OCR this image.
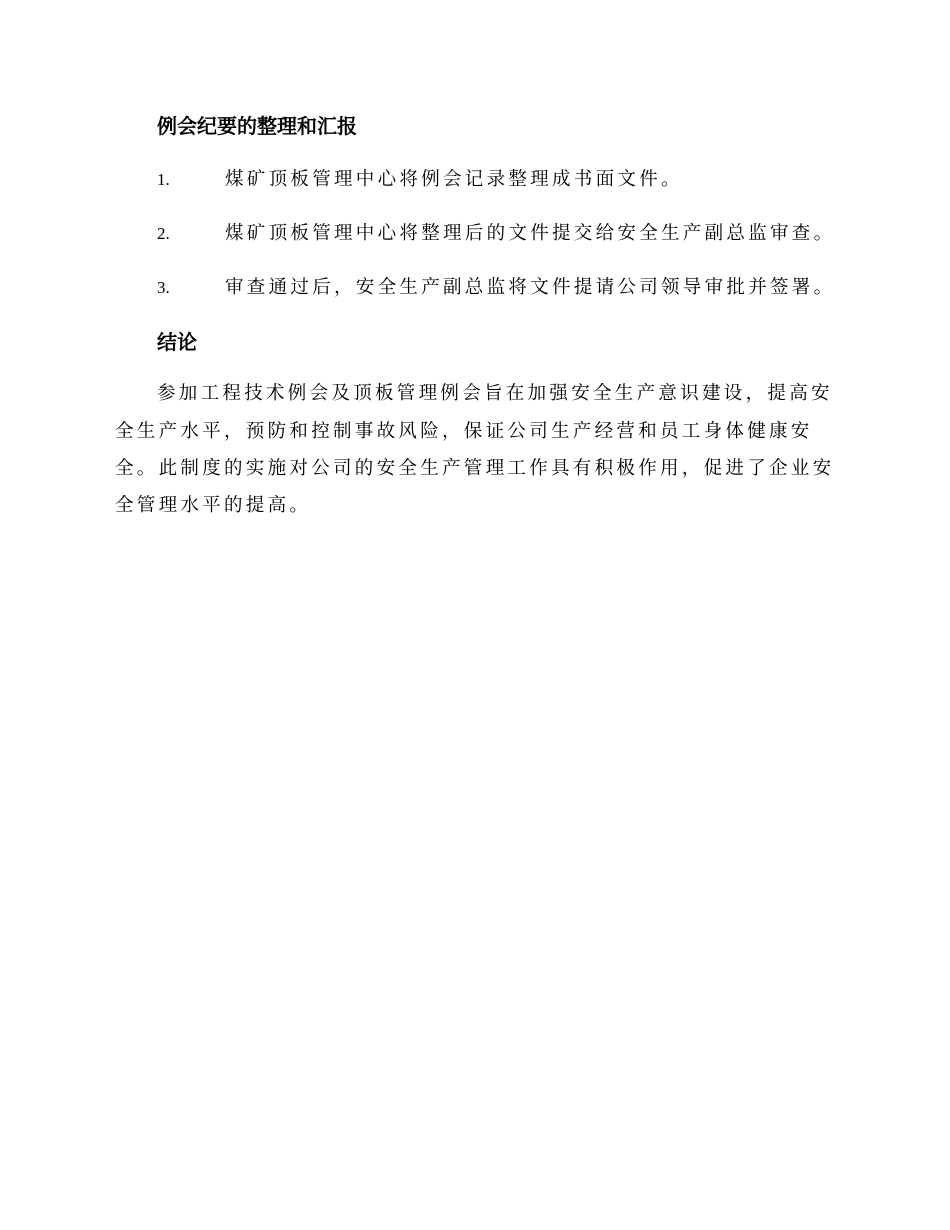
例会纪要的整理和汇报
1.	煤矿顶板管理中心将例会记录整理成书面文件。
2.	煤矿顶板管理中心将整理后的文件提交给安全生产副总监审查。
3.	审查通过后，安全生产副总监将文件提请公司领导审批并签署。
结论
参加工程技术例会及顶板管理例会旨在加强安全生产意识建设，提高安
全生产水平，预防和控制事故风险，保证公司生产经营和员工身体健康安
全。此制度的实施对公司的安全生产管理工作具有积极作用，促进了企业安
全管理水平的提高。
